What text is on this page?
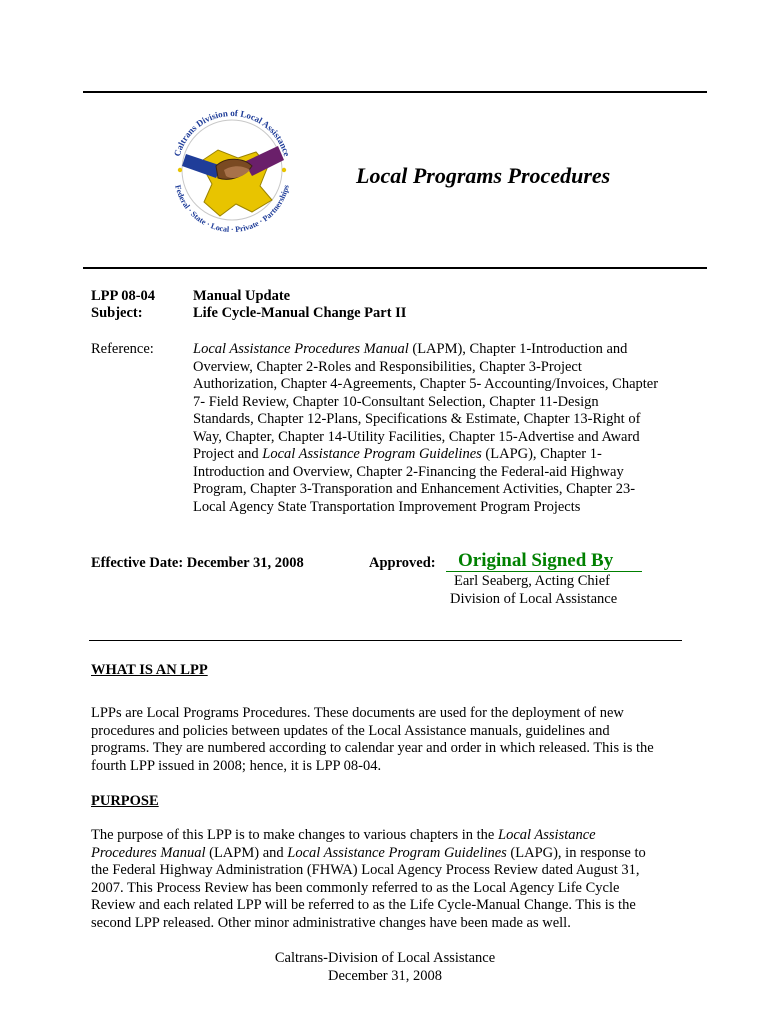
Caltrans Division of Local Assistance
Federal · State · Local · Private · Partnerships	Local Programs Procedures
LPP 08-04	Manual Update
Subject:	Life Cycle-Manual Change Part II
Reference:	Local Assistance Procedures Manual (LAPM), Chapter 1-Introduction and
Overview, Chapter 2-Roles and Responsibilities, Chapter 3-Project
Authorization, Chapter 4-Agreements, Chapter 5- Accounting/Invoices, Chapter
7- Field Review, Chapter 10-Consultant Selection, Chapter 11-Design
Standards, Chapter 12-Plans, Specifications & Estimate, Chapter 13-Right of
Way, Chapter, Chapter 14-Utility Facilities, Chapter 15-Advertise and Award
Project and Local Assistance Program Guidelines (LAPG), Chapter 1-
Introduction and Overview, Chapter 2-Financing the Federal-aid Highway
Program, Chapter 3-Transporation and Enhancement Activities, Chapter 23-
Local Agency State Transportation Improvement Program Projects
Effective Date: December 31, 2008	Approved: Original Signed By
Earl Seaberg, Acting Chief
Division of Local Assistance
WHAT IS AN LPP
LPPs are Local Programs Procedures. These documents are used for the deployment of new
procedures and policies between updates of the Local Assistance manuals, guidelines and
programs. They are numbered according to calendar year and order in which released. This is the
fourth LPP issued in 2008; hence, it is LPP 08-04.
PURPOSE
The purpose of this LPP is to make changes to various chapters in the Local Assistance
Procedures Manual (LAPM) and Local Assistance Program Guidelines (LAPG), in response to
the Federal Highway Administration (FHWA) Local Agency Process Review dated August 31,
2007. This Process Review has been commonly referred to as the Local Agency Life Cycle
Review and each related LPP will be referred to as the Life Cycle-Manual Change. This is the
second LPP released. Other minor administrative changes have been made as well.
Caltrans-Division of Local Assistance
December 31, 2008
